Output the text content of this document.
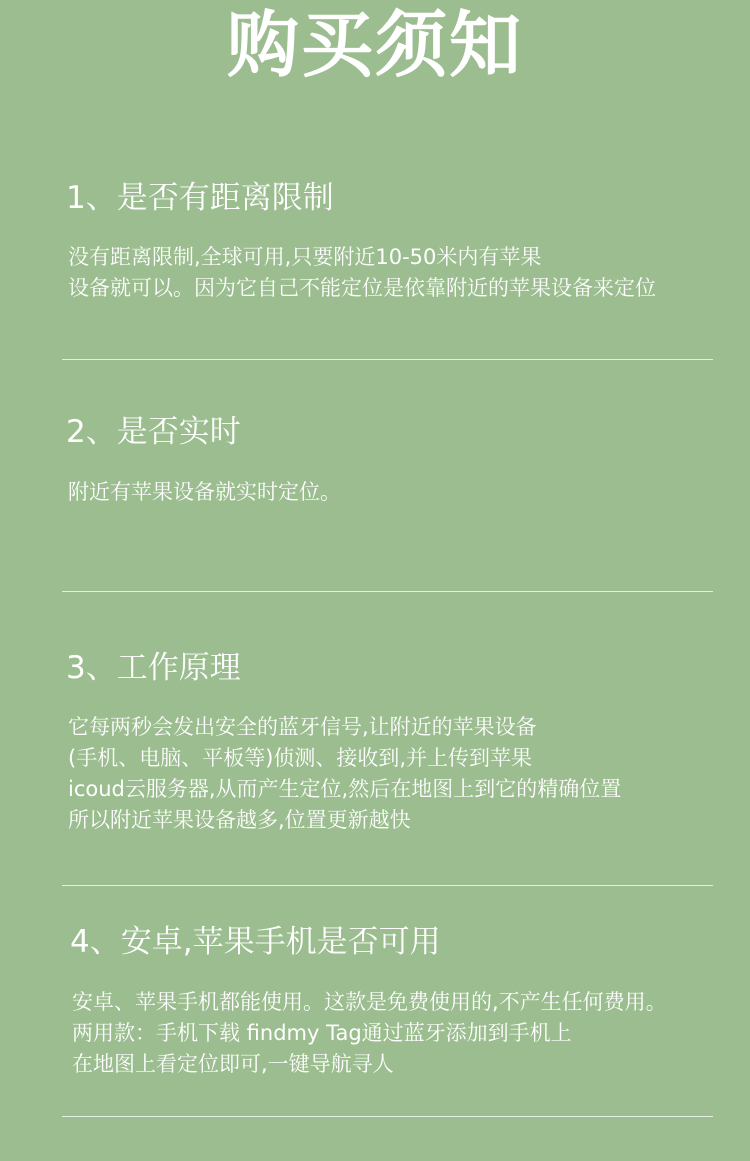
购买须知
1、是否有距离限制
没有距离限制,全球可用,只要附近10-50米内有苹果
设备就可以。因为它自己不能定位是依靠附近的苹果设备来定位
2、是否实时
附近有苹果设备就实时定位。
3、工作原理
它每两秒会发出安全的蓝牙信号,让附近的苹果设备
(手机、电脑、平板等)侦测、接收到,并上传到苹果
icoud云服务器,从而产生定位,然后在地图上到它的精确位置
所以附近苹果设备越多,位置更新越快
4、安卓,苹果手机是否可用
安卓、苹果手机都能使用。这款是免费使用的,不产生任何费用。
两用款：手机下载 findmy Tag通过蓝牙添加到手机上
在地图上看定位即可,一键导航寻人
